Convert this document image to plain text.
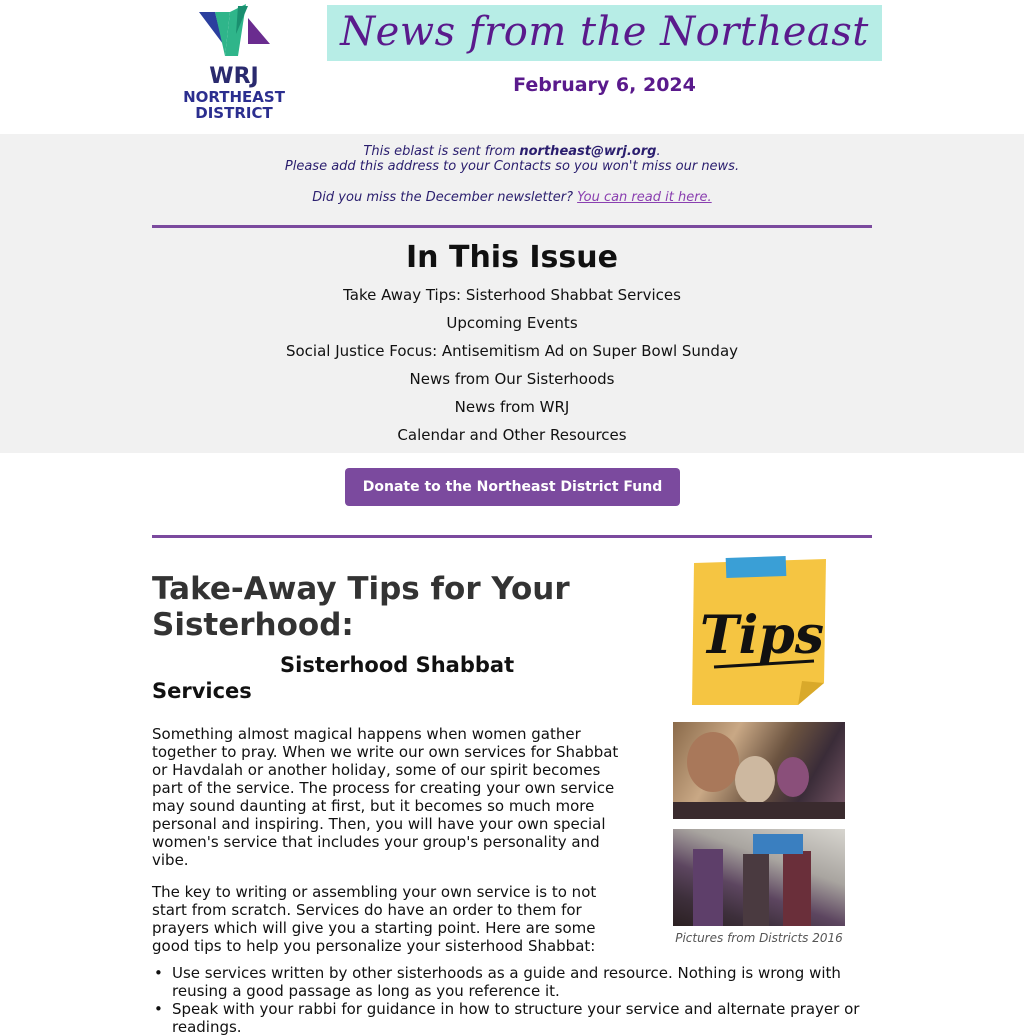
WRJ
NORTHEAST
DISTRICT
News from the Northeast
February 6, 2024
This eblast is sent from northeast@wrj.org.
Please add this address to your Contacts so you won't miss our news.
Did you miss the December newsletter? You can read it here.
In This Issue
Take Away Tips: Sisterhood Shabbat Services
Upcoming Events
Social Justice Focus: Antisemitism Ad on Super Bowl Sunday
News from Our Sisterhoods
News from WRJ
Calendar and Other Resources
Donate to the Northeast District Fund
Take-Away Tips for Your Sisterhood:
Sisterhood Shabbat
Services

Something almost magical happens when women gather together to pray. When we write our own services for Shabbat or Havdalah or another holiday, some of our spirit becomes part of the service. The process for creating your own service may sound daunting at first, but it becomes so much more personal and inspiring. Then, you will have your own special women's service that includes your group's personality and vibe.

The key to writing or assembling your own service is to not start from scratch. Services do have an order to them for prayers which will give you a starting point. Here are some good tips to help you personalize your sisterhood Shabbat:

• Use services written by other sisterhoods as a guide and resource. Nothing is wrong with reusing a good passage as long as you reference it.
• Speak with your rabbi for guidance in how to structure your service and alternate prayer or readings.
Tips
Pictures from Districts 2016
